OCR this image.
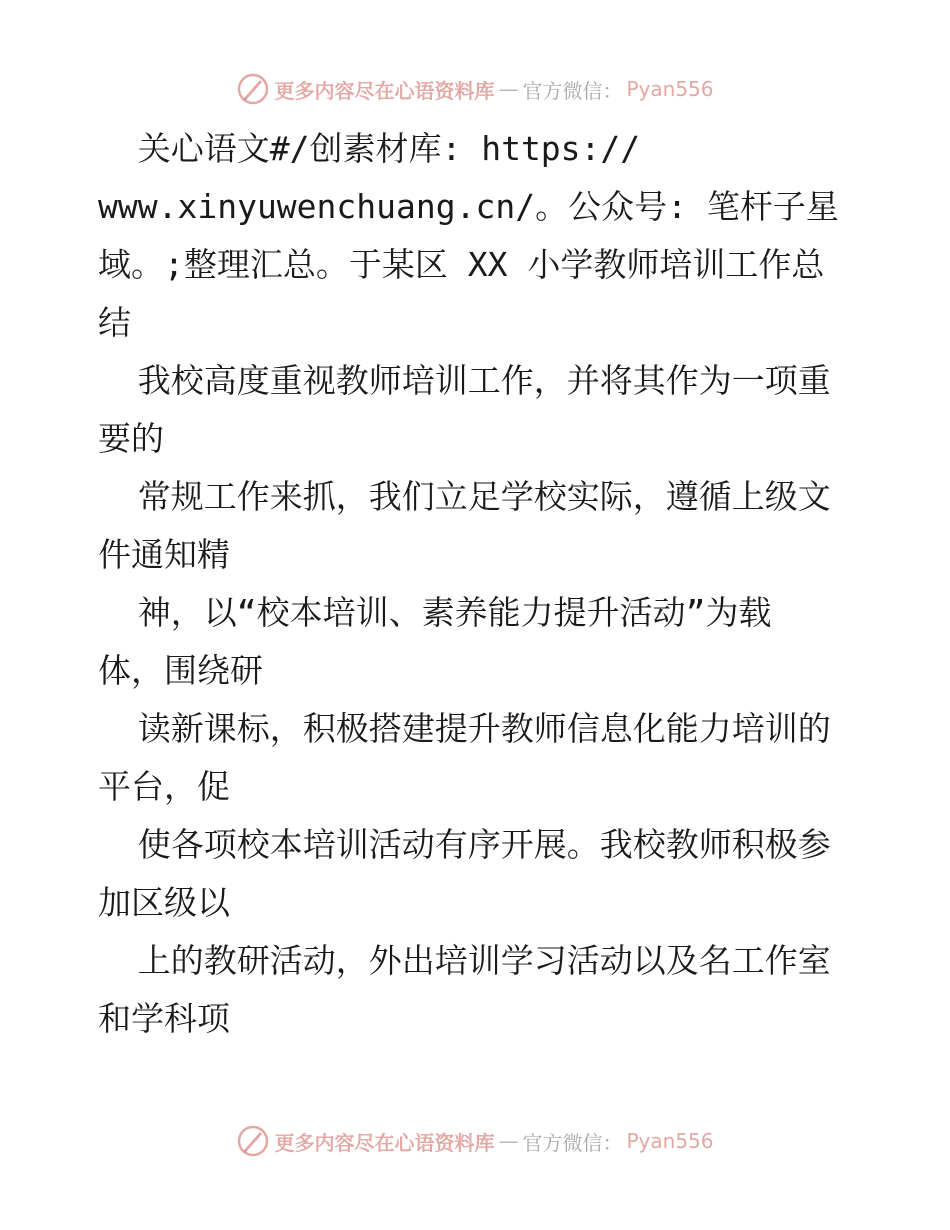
更多内容尽在心语资料库 — 官方微信： Pyan556
关心语文#/创素材库: https://
www.xinyuwenchuang.cn/。公众号: 笔杆子星
域。;整理汇总。于某区 XX 小学教师培训工作总
结
我校高度重视教师培训工作，并将其作为一项重
要的
常规工作来抓，我们立足学校实际，遵循上级文
件通知精
神，以“校本培训、素养能力提升活动”为载
体，围绕研
读新课标，积极搭建提升教师信息化能力培训的
平台，促
使各项校本培训活动有序开展。我校教师积极参
加区级以
上的教研活动，外出培训学习活动以及名工作室
和学科项
更多内容尽在心语资料库 — 官方微信： Pyan556
